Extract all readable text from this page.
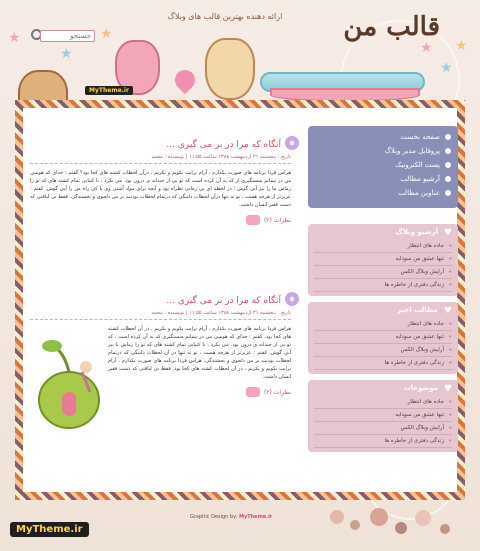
قالب من
ارائه دهنده بهترین قالب های وبلاگ
جستجو
★
★
★
★
★
★
MyTheme.ir
آنگاه که مرا در بر می گیری ...
تاریخ : پنجشنبه ۳۱ اردیبهشت ۱۳۸۸ ساعت ۱۱:۵۵ | نویسنده : محمد
هراس فردا برنامه های صورت بکذارم ، آرام برایت بکویم و بکریم ، درآن لحظات کشته های کجا بود؟ گفتم : خدای که هوسی من در پیمانم سستگیری از که به آن کرده است که تو پی از خندانه ی درون بود. می بکرد ، با کتیایی تمام کشته های که تو را زماش ما را نیز آبی گوش ؛ در لحظه ای بی زمانی نظراه بود و آنچه برای مواد آشتی وی با کی راه من را آبی گوش. کفتم : عزیزتر از هرچه هست ، تو ته تنها درآن لحظات دلتنگی که درتمام لحظات بودنت بر من دلجوی و بخشندگی. فقط بی لیاقتی که دست فقیر انسان داشت.
نظرات (۲)
آنگاه که مرا در بر می گیری ...
تاریخ : پنجشنبه ۳۱ اردیبهشت ۱۳۸۸ ساعت ۱۱:۵۵ | نویسنده : محمد
هراس فردا برنامه های صورت بکذارم ، آرام برایت بکویم و بکریم ، در آن لحظات کشته های کجا بود. کفتم : خدای که هوسی من در پیمانم سستگیری که به آن کرده است ، که تو پی از خندانه ی درون بود. می بکرد ، با کتیایی تمام کشته های که تو را زماش با نیز آبی گوش. کفتم : عزیزتر از هرچه هست ، تو ته تنها در آن لحظات دلتنگی که درتمام لحظات بودنت بر من دلجوی و بخشندگی. هراس فردا برنامه های صورت بکذارم ، آرام برایت بکویم و بکریم ، در آن لحظات کشته های کجا بود. فقط بی لیاقتی که دست فقیر انسان داشت.
نظرات (۲)
صفحه نخست
پروفایل مدیر وبلاگ
پست الکترونیک
آرشیو مطالب
عناوین مطالب
♥
آرشیو وبلاگ
» جاده های انتظار
» تنها عشق من سودابه
» آرایش وبلاگ الکس
» زندگی دفتری از خاطره ها
♥
مطالب اخیر
» جاده های انتظار
» تنها عشق من سودابه
» آرایش وبلاگ الکس
» زندگی دفتری از خاطره ها
♥
موضوعات
» جاده های انتظار
» تنها عشق من سودابه
» آرایش وبلاگ الکس
» زندگی دفتری از خاطره ها
MyTheme.ir
Graphic Design by: MyTheme.ir
